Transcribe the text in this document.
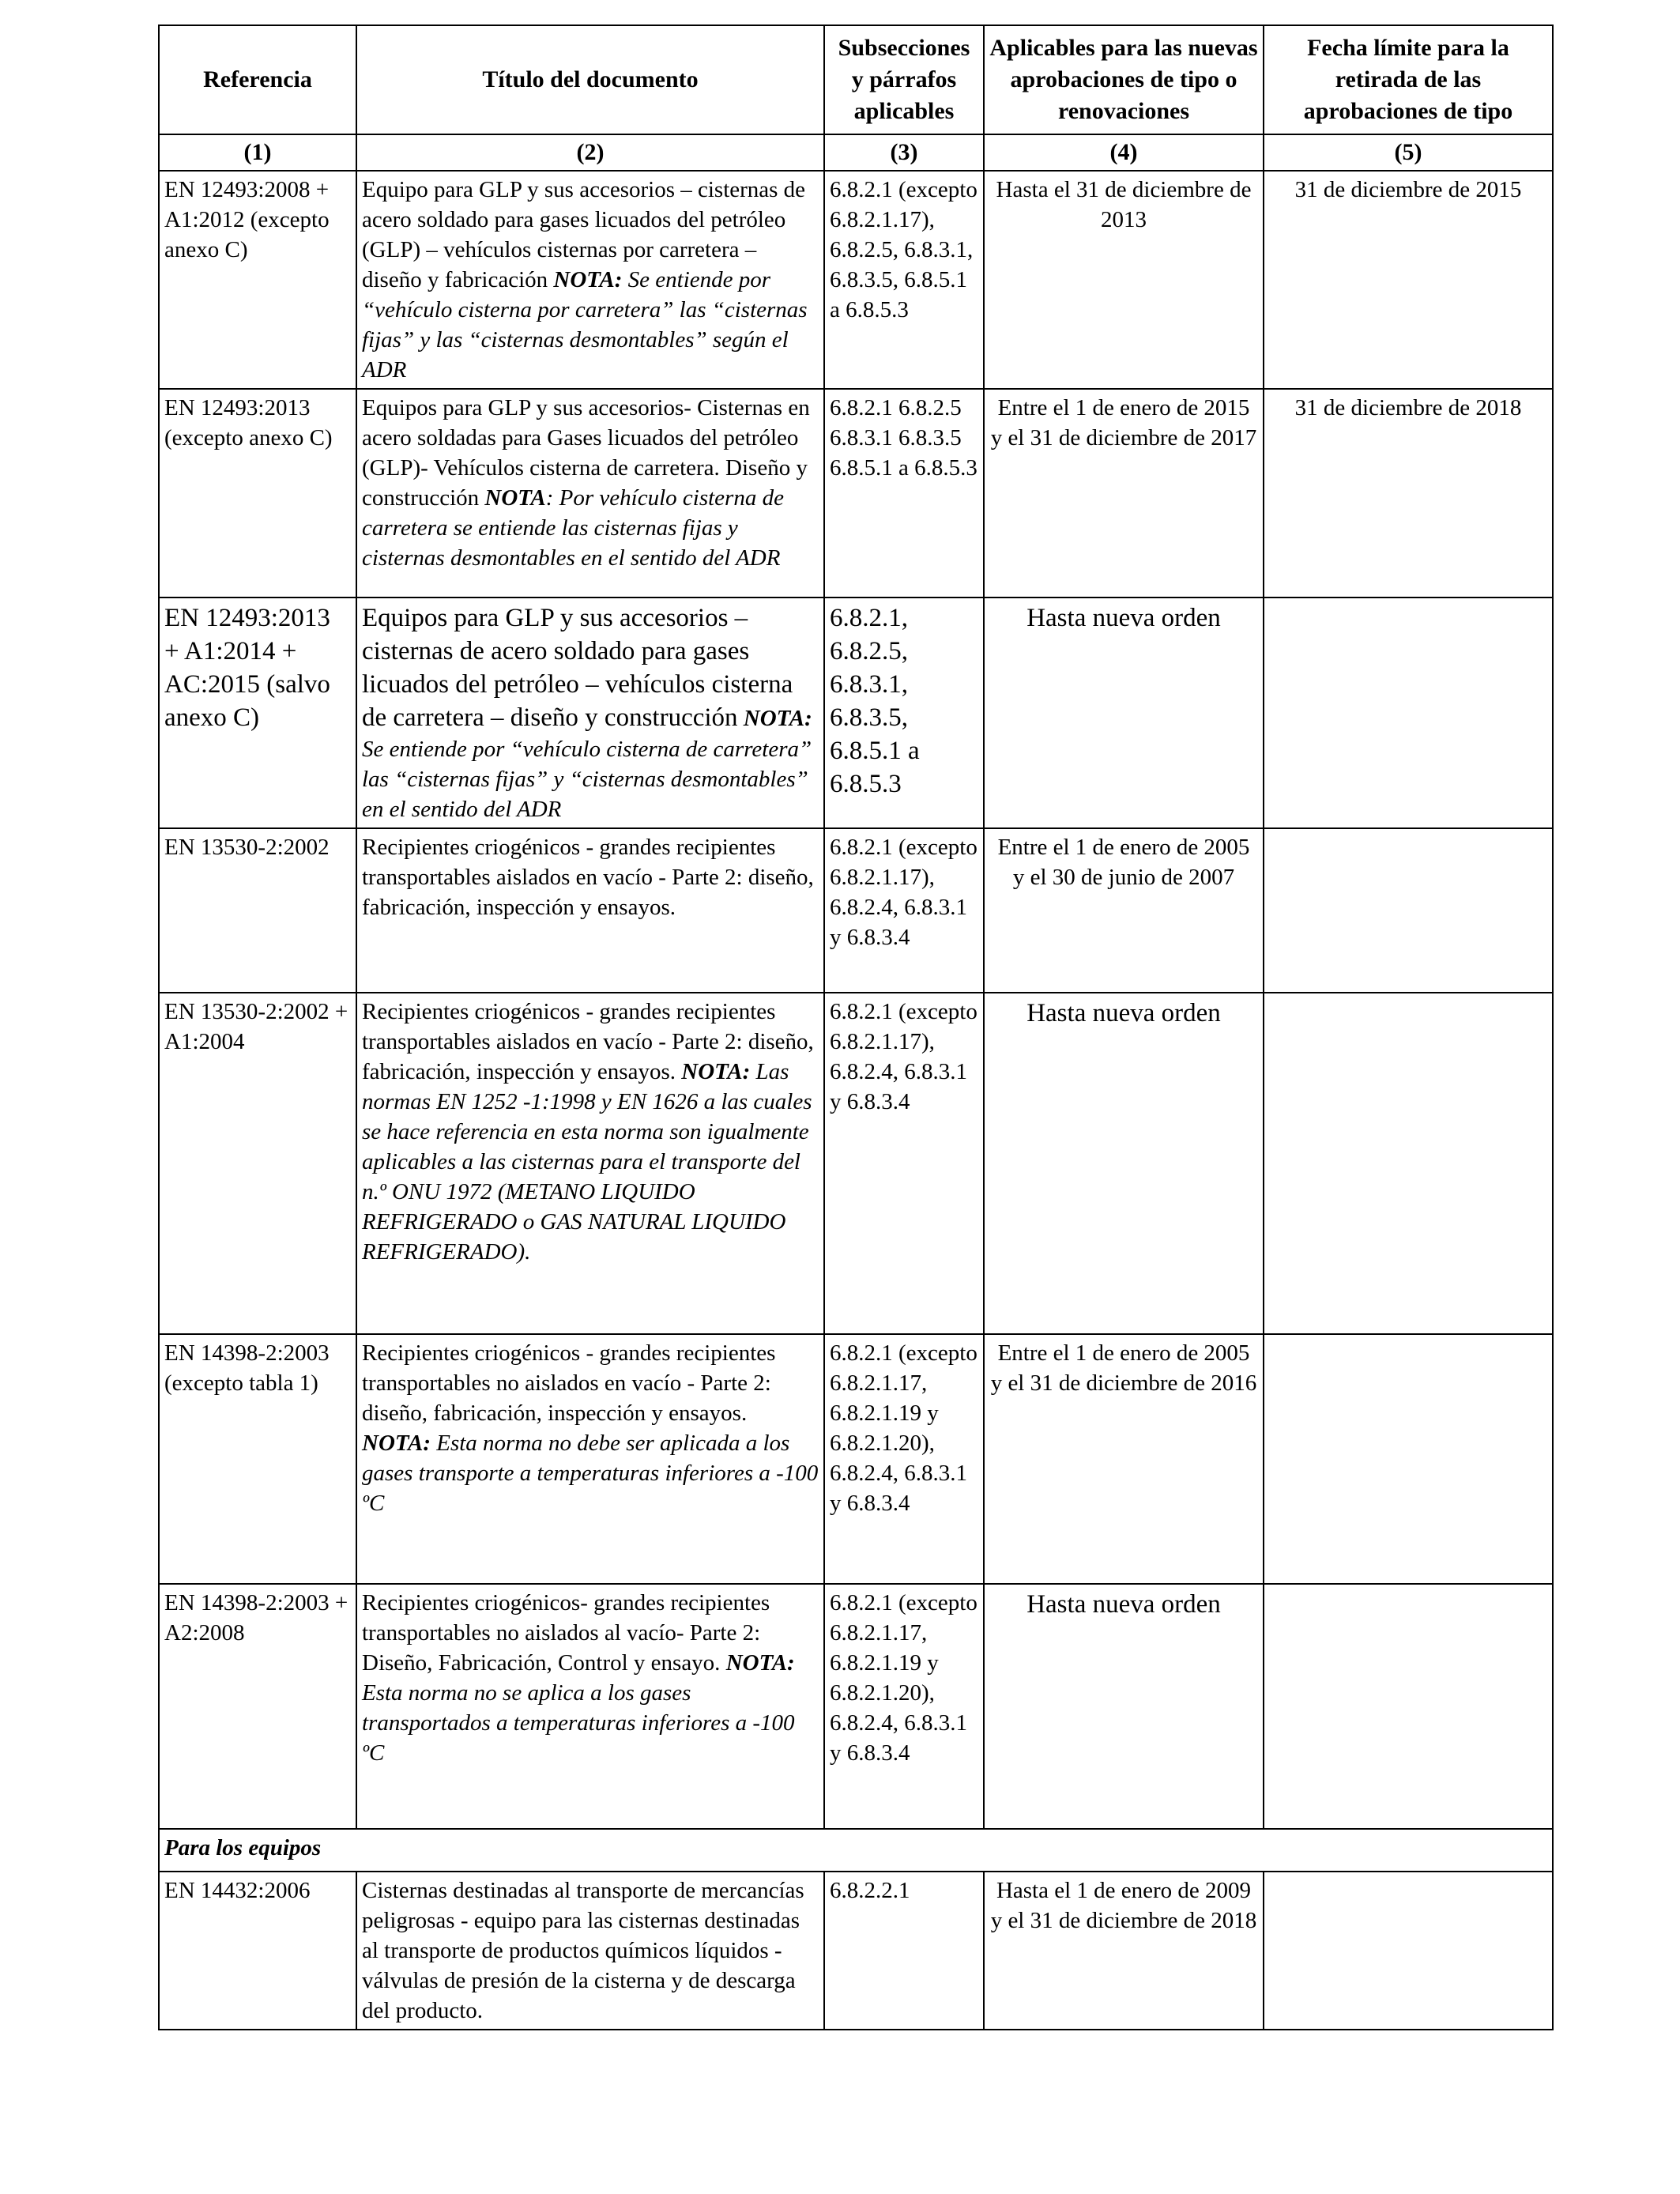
Referencia	Título del documento	Subsecciones y párrafos aplicables	Aplicables para las nuevas aprobaciones de tipo o renovaciones	Fecha límite para la retirada de las aprobaciones de tipo
(1)	(2)	(3)	(4)	(5)
EN 12493:2008 + A1:2012 (excepto anexo C)	Equipo para GLP y sus accesorios – cisternas de acero soldado para gases licuados del petróleo (GLP) – vehículos cisternas por carretera – diseño y fabricación NOTA: Se entiende por “vehículo cisterna por carretera” las “cisternas fijas” y las “cisternas desmontables” según el ADR	6.8.2.1 (excepto 6.8.2.1.17), 6.8.2.5, 6.8.3.1, 6.8.3.5, 6.8.5.1 a 6.8.5.3	Hasta el 31 de diciembre de 2013	31 de diciembre de 2015
EN 12493:2013 (excepto anexo C)	Equipos para GLP y sus accesorios- Cisternas en acero soldadas para Gases licuados del petróleo (GLP)- Vehículos cisterna de carretera. Diseño y construcción NOTA: Por vehículo cisterna de carretera se entiende las cisternas fijas y cisternas desmontables en el sentido del ADR	6.8.2.1 6.8.2.5 6.8.3.1 6.8.3.5 6.8.5.1 a 6.8.5.3	Entre el 1 de enero de 2015 y el 31 de diciembre de 2017	31 de diciembre de 2018
EN 12493:2013 + A1:2014 + AC:2015 (salvo anexo C)	Equipos para GLP y sus accesorios – cisternas de acero soldado para gases licuados del petróleo – vehículos cisterna de carretera – diseño y construcción NOTA: Se entiende por “vehículo cisterna de carretera” las “cisternas fijas” y “cisternas desmontables” en el sentido del ADR	6.8.2.1, 6.8.2.5, 6.8.3.1, 6.8.3.5, 6.8.5.1 a 6.8.5.3	Hasta nueva orden	
EN 13530-2:2002	Recipientes criogénicos - grandes recipientes transportables aislados en vacío - Parte 2: diseño, fabricación, inspección y ensayos.	6.8.2.1 (excepto 6.8.2.1.17), 6.8.2.4, 6.8.3.1 y 6.8.3.4	Entre el 1 de enero de 2005 y el 30 de junio de 2007	
EN 13530-2:2002 + A1:2004	Recipientes criogénicos - grandes recipientes transportables aislados en vacío - Parte 2: diseño, fabricación, inspección y ensayos. NOTA: Las normas EN 1252 -1:1998 y EN 1626 a las cuales se hace referencia en esta norma son igualmente aplicables a las cisternas para el transporte del n.º ONU 1972 (METANO LIQUIDO REFRIGERADO o GAS NATURAL LIQUIDO REFRIGERADO).	6.8.2.1 (excepto 6.8.2.1.17), 6.8.2.4, 6.8.3.1 y 6.8.3.4	Hasta nueva orden	
EN 14398-2:2003 (excepto tabla 1)	Recipientes criogénicos - grandes recipientes transportables no aislados en vacío - Parte 2: diseño, fabricación, inspección y ensayos. NOTA: Esta norma no debe ser aplicada a los gases transporte a temperaturas inferiores a -100 ºC	6.8.2.1 (excepto 6.8.2.1.17, 6.8.2.1.19 y 6.8.2.1.20), 6.8.2.4, 6.8.3.1 y 6.8.3.4	Entre el 1 de enero de 2005 y el 31 de diciembre de 2016	
EN 14398-2:2003 + A2:2008	Recipientes criogénicos- grandes recipientes transportables no aislados al vacío- Parte 2: Diseño, Fabricación, Control y ensayo. NOTA: Esta norma no se aplica a los gases transportados a temperaturas inferiores a -100 ºC	6.8.2.1 (excepto 6.8.2.1.17, 6.8.2.1.19 y 6.8.2.1.20), 6.8.2.4, 6.8.3.1 y 6.8.3.4	Hasta nueva orden	
Para los equipos				
EN 14432:2006	Cisternas destinadas al transporte de mercancías peligrosas - equipo para las cisternas destinadas al transporte de productos químicos líquidos - válvulas de presión de la cisterna y de descarga del producto.	6.8.2.2.1	Hasta el 1 de enero de 2009 y el 31 de diciembre de 2018	
